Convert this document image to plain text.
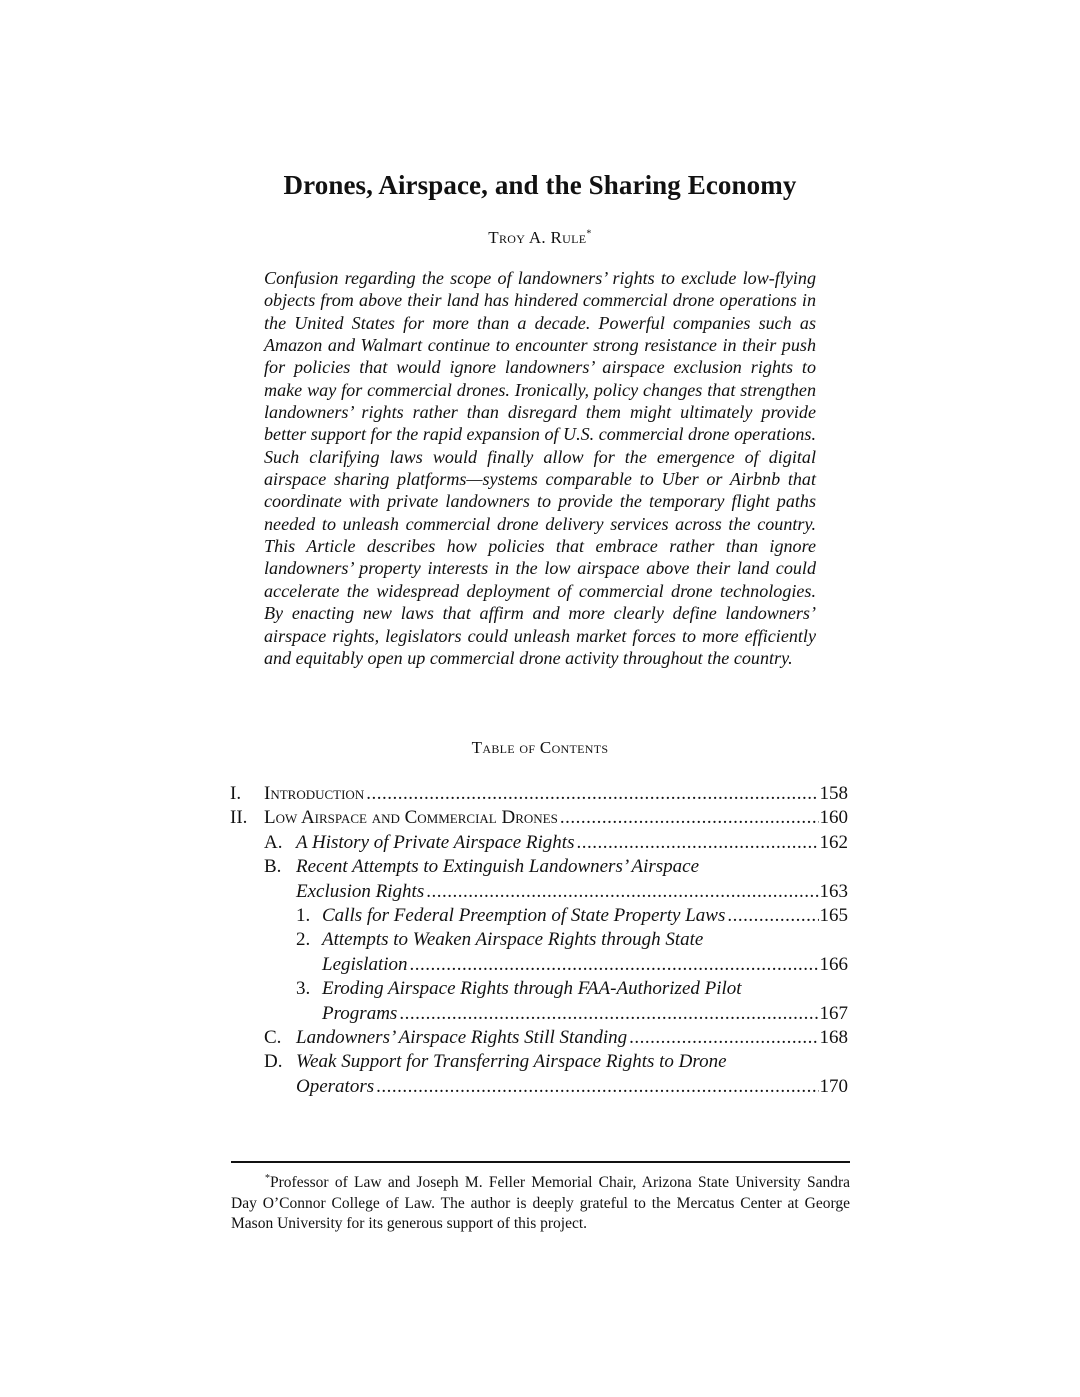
Drones, Airspace, and the Sharing Economy
Troy A. Rule*
Confusion regarding the scope of landowners’ rights to exclude low-flying objects from above their land has hindered commercial drone operations in the United States for more than a decade. Powerful companies such as Amazon and Walmart continue to encounter strong resistance in their push for policies that would ignore landowners’ airspace exclusion rights to make way for commercial drones. Ironically, policy changes that strengthen landowners’ rights rather than disregard them might ultimately provide better support for the rapid expansion of U.S. commercial drone operations. Such clarifying laws would finally allow for the emergence of digital airspace sharing platforms—systems comparable to Uber or Airbnb that coordinate with private landowners to provide the temporary flight paths needed to unleash commercial drone delivery services across the country. This Article describes how policies that embrace rather than ignore landowners’ property interests in the low airspace above their land could accelerate the widespread deployment of commercial drone technologies. By enacting new laws that affirm and more clearly define landowners’ airspace rights, legislators could unleash market forces to more efficiently and equitably open up commercial drone activity throughout the country.
Table of Contents
I. Introduction .....	158
II. Low Airspace and Commercial Drones .....	160
A. A History of Private Airspace Rights .....	162
B. Recent Attempts to Extinguish Landowners’ Airspace
Exclusion Rights .....	163
1. Calls for Federal Preemption of State Property Laws .....	165
2. Attempts to Weaken Airspace Rights through State
Legislation .....	166
3. Eroding Airspace Rights through FAA-Authorized Pilot
Programs .....	167
C. Landowners’ Airspace Rights Still Standing .....	168
D. Weak Support for Transferring Airspace Rights to Drone
Operators .....	170
*Professor of Law and Joseph M. Feller Memorial Chair, Arizona State University Sandra Day O’Connor College of Law. The author is deeply grateful to the Mercatus Center at George Mason University for its generous support of this project.
